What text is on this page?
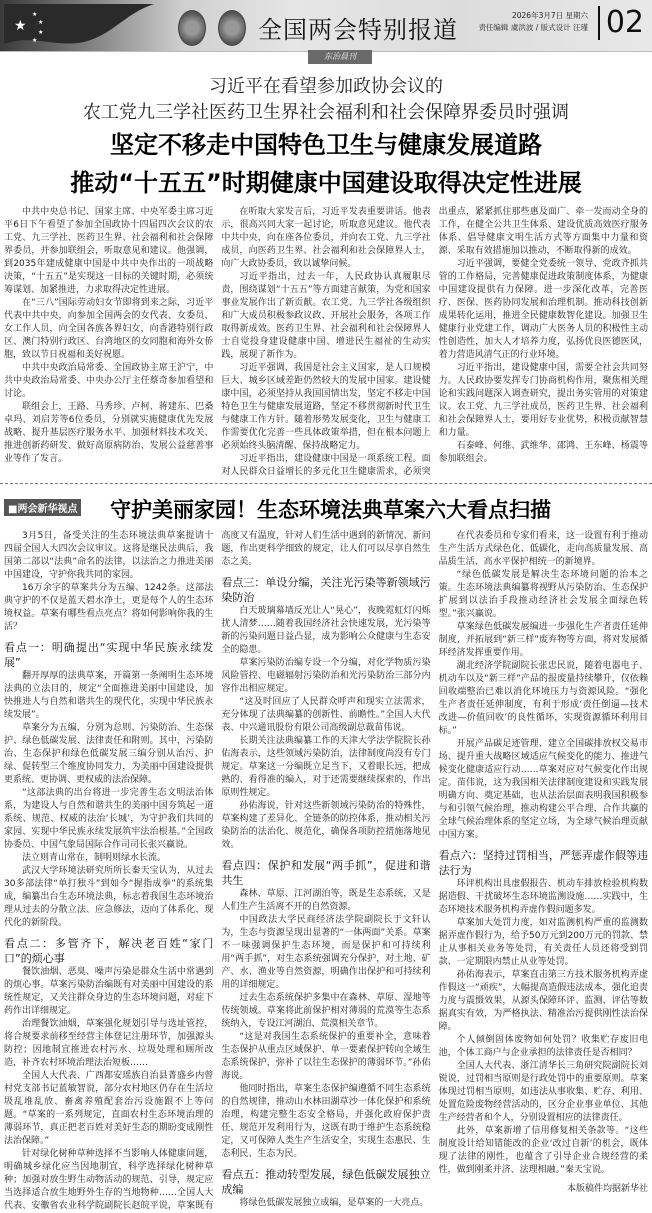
★
★
★
★
★	全国两会特别报道
2026年3月7日 星期六
责任编辑 虞洪波 / 版式设计 汪瑾 02
东治晨刊
习近平在看望参加政协会议的
农工党九三学社医药卫生界社会福利和社会保障界委员时强调
坚定不移走中国特色卫生与健康发展道路
推动“十五五”时期健康中国建设取得决定性进展

中共中央总书记、国家主席、中央军委主席习近平6日下午看望了参加全国政协十四届四次会议的农工党、九三学社、医药卫生界、社会福利和社会保障界委员，并参加联组会，听取意见和建议。他强调，到2035年建成健康中国是中共中央作出的一项战略决策，“十五五”是实现这一目标的关键时期，必须统筹谋划、加紧推进，力求取得决定性进展。

在“三八”国际劳动妇女节即将到来之际，习近平代表中共中央，向参加全国两会的女代表、女委员、女工作人员，向全国各族各界妇女，向香港特别行政区、澳门特别行政区、台湾地区的女同胞和海外女侨胞，致以节日祝福和美好祝愿。

中共中央政治局常委、全国政协主席王沪宁，中共中央政治局常委、中央办公厅主任蔡奇参加看望和讨论。

联组会上，王路、马秀珍、卢柯、蒋建东、巴桑卓玛、刘启芳等6位委员，分别就实施健康优先发展战略、提升基层医疗服务水平、加强材料技术攻关、推进创新药研发、做好高原病防治、发展公益慈善事业等作了发言。

在听取大家发言后，习近平发表重要讲话。他表示，很高兴同大家一起讨论，听取意见建议。他代表中共中央，向在座各位委员，并向农工党、九三学社成员，向医药卫生界、社会福利和社会保障界人士，向广大政协委员，致以诚挚问候。

习近平指出，过去一年，人民政协认真履职尽责，围绕谋划“十五五”等方面建言献策，为党和国家事业发展作出了新贡献。农工党、九三学社各级组织和广大成员积极参政议政、开展社会服务，各项工作取得新成效。医药卫生界、社会福利和社会保障界人士自觉投身建设健康中国、增进民生福祉的生动实践，展现了新作为。

习近平强调，我国是社会主义国家，是人口规模巨大、城乡区域差距仍然较大的发展中国家。建设健康中国，必须坚持从我国国情出发，坚定不移走中国特色卫生与健康发展道路，坚定不移贯彻新时代卫生与健康工作方针。随着形势发展变化，卫生与健康工作需要优化完善一些具体政策举措，但在根本问题上必须始终头脑清醒、保持战略定力。

习近平指出，建设健康中国是一项系统工程。面对人民群众日益增长的多元化卫生健康需求，必须突出重点，紧紧抓住那些惠及面广、牵一发而动全身的工作，在健全公共卫生体系、建设优质高效医疗服务体系、倡导健康文明生活方式等方面集中力量和资源、采取有效措施加以推动，不断取得新的成效。

习近平强调，要健全党委统一领导、党政齐抓共管的工作格局，完善健康促进政策制度体系，为健康中国建设提供有力保障。进一步深化改革，完善医疗、医保、医药协同发展和治理机制。推动科技创新成果转化运用，推进全民健康数智化建设。加强卫生健康行业党建工作，调动广大医务人员的积极性主动性创造性，加大人才培养力度，弘扬优良医德医风，着力营造风清气正的行业环境。

习近平指出，建设健康中国，需要全社会共同努力。人民政协要发挥专门协商机构作用，聚焦相关理论和实践问题深入调查研究，提出务实管用的对策建议。农工党、九三学社成员，医药卫生界、社会福利和社会保障界人士，要用好专业优势，积极贡献智慧和力量。

石泰峰、何维、武维华、邵鸿、王东峰、杨震等参加联组会。

■两会新华视点 守护美丽家园！生态环境法典草案六大看点扫描

3月5日，备受关注的生态环境法典草案提请十四届全国人大四次会议审议。这将是继民法典后，我国第二部以“法典”命名的法律，以法治之力推进美丽中国建设，守护你我共同的家园。

16万余字的草案共分为五编、1242条。这部法典守护的不仅是蓝天碧水净土，更是每个人的生态环境权益。草案有哪些看点亮点？将如何影响你我的生活？

看点一：明确提出“实现中华民族永续发展”

翻开厚厚的法典草案，开篇第一条阐明生态环境法典的立法目的，规定“全面推进美丽中国建设，加快推进人与自然和谐共生的现代化，实现中华民族永续发展”。

草案分为五编，分别为总则、污染防治、生态保护、绿色低碳发展、法律责任和附则。其中，污染防治、生态保护和绿色低碳发展三编分别从治污、护绿、促转型三个维度协同发力，为美丽中国建设提供更系统、更协调、更权威的法治保障。

“这部法典的出台将进一步完善生态文明法治体系，为建设人与自然和谐共生的美丽中国夯筑起一道系统、规范、权威的法治‘长城’，为守护我们共同的家园、实现中华民族永续发展筑牢法治根基。”全国政协委员、中国气象局国际合作司司长张兴赢说。

法立则青山常在，制明则绿水长流。

武汉大学环境法研究所所长秦天宝认为，从过去30多部法律“单打独斗”到如今“握指成拳”的系统集成，编纂出台生态环境法典，标志着我国生态环境治理从过去的分散立法、应急修法，迈向了体系化、现代化的新阶段。

看点二：多管齐下，解决老百姓“家门口”的烦心事

餐饮油烟、恶臭、噪声污染是群众生活中常遇到的烦心事。草案污染防治编既有对美丽中国建设的系统性规定，又关注群众身边的生态环境问题，对症下药作出详细规定。

治理餐饮油烟，草案强化规划引导与选址管控，将合规要求前移至经营主体登记注册环节，加强源头防控；因地制宜推进农村污水、垃圾处理和厕所改造，补齐农村环境治理法治短板……

全国人大代表、广西都安瑶族自治县菁盛乡内曾村党支部书记蓝敏智说，部分农村地区仍存在生活垃圾乱堆乱放、畜禽养殖配套治污设施跟不上等问题。“草案的一系列规定，直面农村生态环境治理的薄弱环节，真正把老百姓对美好生态的期盼变成刚性法治保障。”

针对绿化树种草种选择不当影响人体健康问题，明确城乡绿化应当因地制宜，科学选择绿化树种草种；加强对放生野生动物活动的规范、引导，规定应当选择适合放生地野外生存的当地物种……全国人大代表、安徽省农业科学院副院长赵皖平说，草案既有高度又有温度，针对人们生活中遇到的新情况、新问题，作出更科学细致的规定，让人们可以尽享自然生态之美。

看点三：单设分编，关注光污染等新领域污染防治

白天玻璃幕墙反光让人“晃心”，夜晚霓虹灯闪烁扰人清梦……随着我国经济社会快速发展，光污染等新的污染问题日益凸显，成为影响公众健康与生态安全的隐患。

草案污染防治编专设一个分编，对化学物质污染风险管控、电磁辐射污染防治和光污染防治三部分内容作出相应规定。

“这及时回应了人民群众呼声和现实立法需求，充分体现了法典编纂的创新性、前瞻性。”全国人大代表、中兴通讯股份有限公司高级副总裁苗伟说。

长期关注法典编纂工作的天津大学法学院院长孙佑海表示，这些领域污染防治，法律制度尚没有专门规定。草案这一分编既立足当下，又着眼长远，把成熟的、看得准的编入，对于还需要继续探索的，作出原则性规定。

孙佑海说，针对这些新领域污染防治的特殊性，草案构建了差异化、全链条的防控体系，推动相关污染防治的法治化、规范化，确保各项防控措施落地见效。

看点四：保护和发展“两手抓”，促进和谐共生

森林、草原、江河湖泊等，既是生态系统，又是人们生产生活离不开的自然资源。

中国政法大学民商经济法学院副院长于文轩认为，生态与资源呈现出显著的“一体两面”关系。草案不一味强调保护生态环境，而是保护和可持续利用“两手抓”，对生态系统强调充分保护，对土地、矿产、水、渔业等自然资源，明确作出保护和可持续利用的详细规定。

过去生态系统保护多集中在森林、草原、湿地等传统领域。草案将此前保护相对薄弱的荒漠等生态系统纳入，专设江河湖泊、荒漠相关章节。

“这是对我国生态系统保护的重要补全，意味着生态保护从重点区域保护、单一要素保护转向全域生态系统保护，弥补了以往生态保护的薄弱环节。”孙佑海说。

他同时指出，草案生态保护编遵循不同生态系统的自然规律，推动山水林田湖草沙一体化保护和系统治理，构建完整生态安全格局，并强化政府保护责任、规范开发利用行为，这既有助于维护生态系统稳定，又可保障人类生产生活安全，实现生态惠民、生态利民、生态为民。

看点五：推动转型发展，绿色低碳发展独立成编

将绿色低碳发展独立成编，是草案的一大亮点。

在代表委员和专家们看来，这一设置有利于推动生产生活方式绿色化、低碳化，走向高质量发展、高品质生活、高水平保护相统一的新境界。

“绿色低碳发展是解决生态环境问题的治本之策。生态环境法典编纂将视野从污染防治、生态保护扩展到以法治手段推动经济社会发展全面绿色转型。”张兴赢说。

草案绿色低碳发展编进一步强化生产者责任延伸制度，并拓展到“新三样”废弃物等方面，将对发展循环经济发挥重要作用。

湖北经济学院副院长张忠民说，随着电器电子、机动车以及“新三样”产品的报废量持续攀升，仅依赖回收端整治已难以消化环境压力与资源风险。“强化生产者责任延伸制度，有利于形成‘责任倒逼—技术改进—价值回收’的良性循环，实现资源循环利用目标。”

开展产品碳足迹管理、建立全国碳排放权交易市场、提升重大战略区域适应气候变化的能力、推进气候变化健康适应行动……草案对应对气候变化作出规定。苗伟说，这为我国相关法律制度建设和实践发展明确方向、奠定基础，也从法治层面表明我国积极参与和引领气候治理，推动构建公平合理、合作共赢的全球气候治理体系的坚定立场，为全球气候治理贡献中国方案。

看点六：坚持过罚相当，严惩弄虚作假等违法行为

环评机构出具虚假报告、机动车排放检验机构数据造假、干扰破坏生态环境监测设施……实践中，生态环境技术服务机构弄虚作假问题多发。

草案加大处罚力度，如对监测机构严重的监测数据弄虚作假行为，给予50万元到200万元的罚款、禁止从事相关业务等处罚，有关责任人员还将受到罚款、一定期限内禁止从业等处罚。

孙佑海表示，草案直击第三方技术服务机构弄虚作假这一“顽疾”，大幅提高造假违法成本，强化追责力度与震慑效果，从源头保障环评、监测、评估等数据真实有效，为严格执法、精准治污提供刚性法治保障。

个人倾倒固体废物如何处罚？收集贮存废旧电池，个体工商户与企业承担的法律责任是否相同？

全国人大代表、浙江清华长三角研究院副院长刘锐说，过罚相当原则是行政处罚中的重要原则。草案体现过罚相当原则，如违法从事收集、贮存、利用、处置危险废物经营活动的，区分企业事业单位、其他生产经营者和个人，分别设置相应的法律责任。

此外，草案新增了信用修复相关条款等。“这些制度设计给知错能改的企业‘改过自新’的机会，既体现了法律的刚性，也蕴含了引导企业合规经营的柔性，做到刚柔并济、法理相融。”秦天宝说。

本版稿件均据新华社
